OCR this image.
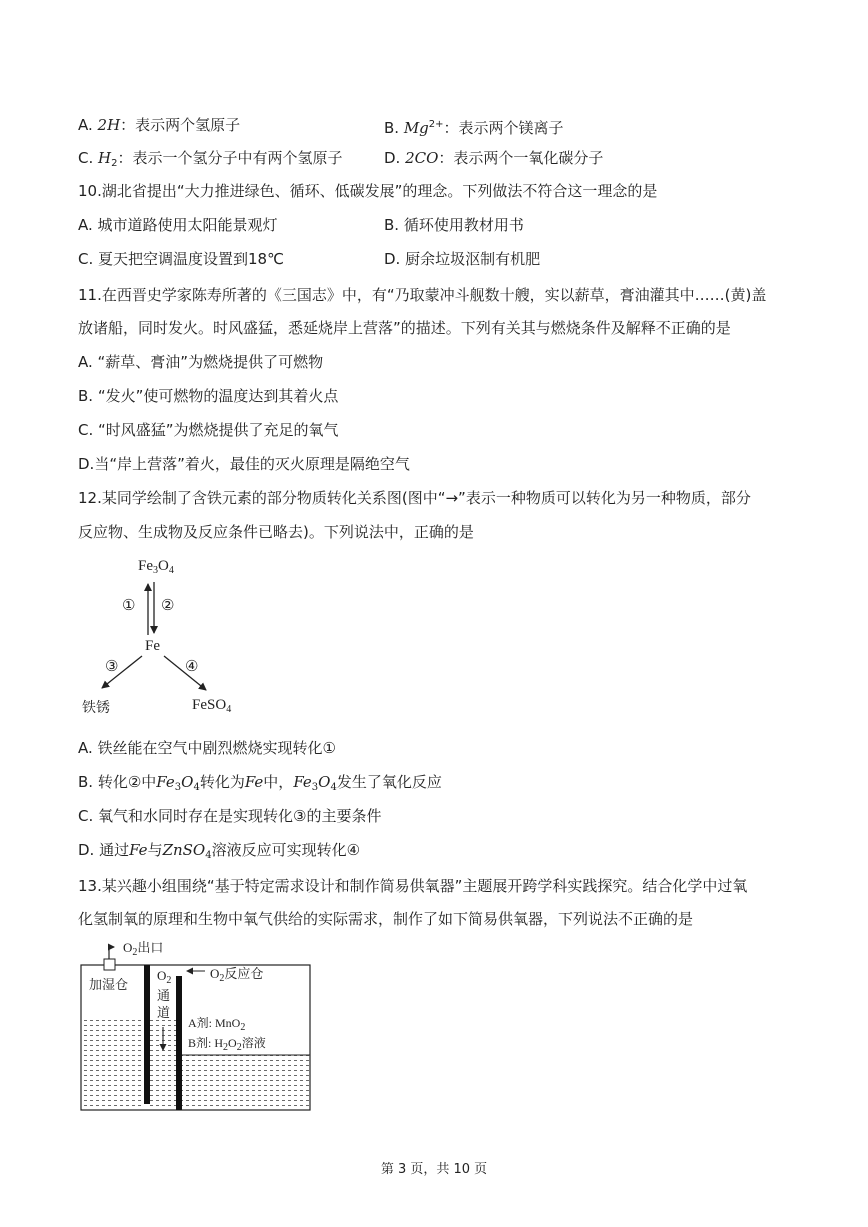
A. 2H：表示两个氢原子	B. $Mg^{2+}$：表示两个镁离子
C. $H_2$：表示一个氢分子中有两个氢原子	D. 2CO：表示两个一氧化碳分子
10.湖北省提出“大力推进绿色、循环、低碳发展”的理念。下列做法不符合这一理念的是
A. 城市道路使用太阳能景观灯	B. 循环使用教材用书
C. 夏天把空调温度设置到18℃	D. 厨余垃圾沤制有机肥
11.在西晋史学家陈寿所著的《三国志》中，有“乃取蒙冲斗舰数十艘，实以薪草，膏油灌其中……(黄)盖
放诸船，同时发火。时风盛猛，悉延烧岸上营落”的描述。下列有关其与燃烧条件及解释不正确的是
A. “薪草、膏油”为燃烧提供了可燃物
B. “发火”使可燃物的温度达到其着火点
C. “时风盛猛”为燃烧提供了充足的氧气
D.当“岸上营落”着火，最佳的灭火原理是隔绝空气
12.某同学绘制了含铁元素的部分物质转化关系图(图中“→”表示一种物质可以转化为另一种物质，部分
反应物、生成物及反应条件已略去)。下列说法中，正确的是
$Fe_3O_4$
① ②
Fe
③	④
铁锈	FeSO$_4$
A. 铁丝能在空气中剧烈燃烧实现转化①
B. 转化②中$Fe_3O_4$转化为Fe中，$Fe_3O_4$发生了氧化反应
C. 氧气和水同时存在是实现转化③的主要条件
D. 通过Fe与ZnSO$_4$溶液反应可实现转化④
13.某兴趣小组围绕“基于特定需求设计和制作简易供氧器”主题展开跨学科实践探究。结合化学中过氧
化氢制氧的原理和生物中氧气供给的实际需求，制作了如下简易供氧器，下列说法不正确的是
$O_2$出口
加湿仓
$O_2$
通
道
$O_2$反应仓
A剂: MnO$_2$
B剂: $H_2O_2$溶液
第 3 页，共 10 页
